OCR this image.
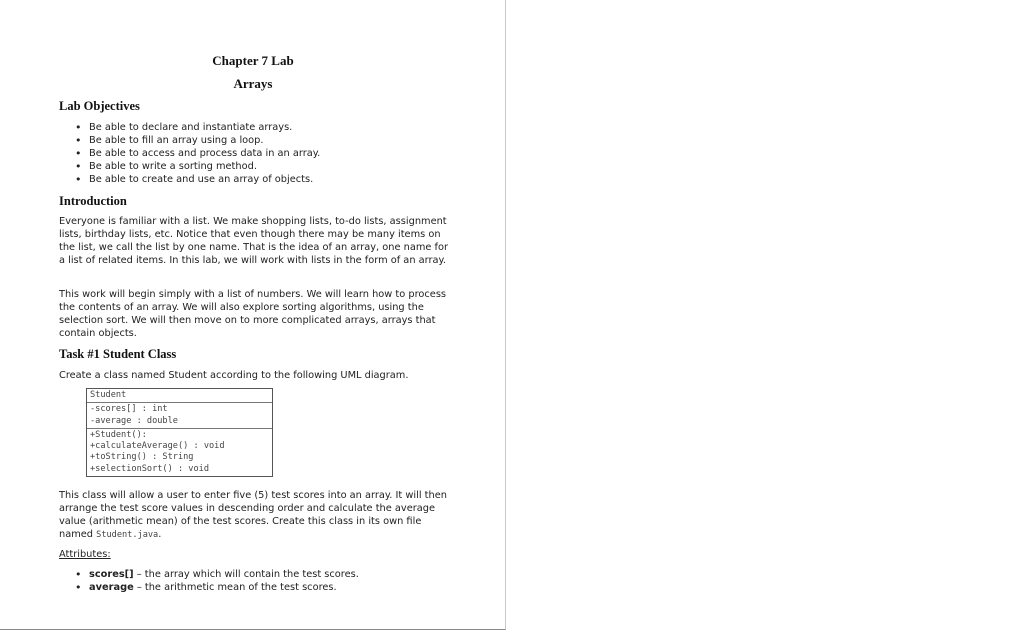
Chapter 7 Lab
Arrays
Lab Objectives
• Be able to declare and instantiate arrays.
• Be able to fill an array using a loop.
• Be able to access and process data in an array.
• Be able to write a sorting method.
• Be able to create and use an array of objects.
Introduction

Everyone is familiar with a list. We make shopping lists, to-do lists, assignment lists, birthday lists, etc. Notice that even though there may be many items on the list, we call the list by one name. That is the idea of an array, one name for a list of related items. In this lab, we will work with lists in the form of an array.

This work will begin simply with a list of numbers. We will learn how to process the contents of an array. We will also explore sorting algorithms, using the selection sort. We will then move on to more complicated arrays, arrays that contain objects.

Task #1 Student Class

Create a class named Student according to the following UML diagram.

Student
-scores[] : int
-average : double
+Student():
+calculateAverage() : void
+toString() : String
+selectionSort() : void

This class will allow a user to enter five (5) test scores into an array. It will then arrange the test score values in descending order and calculate the average value (arithmetic mean) of the test scores. Create this class in its own file named Student.java.

Attributes:
• scores[] – the array which will contain the test scores.
• average – the arithmetic mean of the test scores.
